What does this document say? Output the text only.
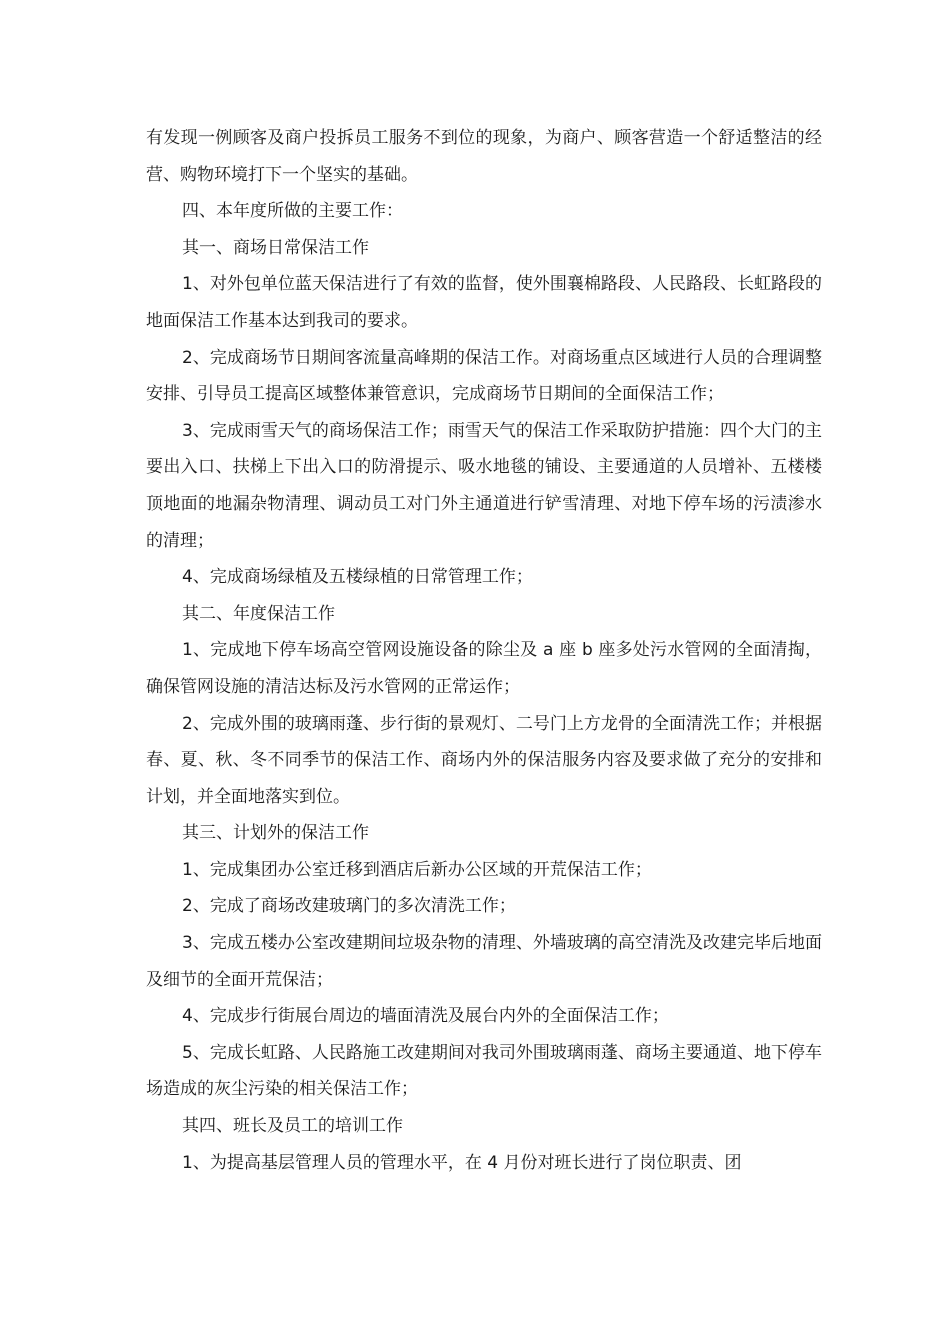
有发现一例顾客及商户投拆员工服务不到位的现象，为商户、顾客营造一个舒适整洁的经营、购物环境打下一个坚实的基础。

四、本年度所做的主要工作：

其一、商场日常保洁工作

1、对外包单位蓝天保洁进行了有效的监督，使外围襄棉路段、人民路段、长虹路段的地面保洁工作基本达到我司的要求。

2、完成商场节日期间客流量高峰期的保洁工作。对商场重点区域进行人员的合理调整安排、引导员工提高区域整体兼管意识，完成商场节日期间的全面保洁工作；

3、完成雨雪天气的商场保洁工作；雨雪天气的保洁工作采取防护措施：四个大门的主要出入口、扶梯上下出入口的防滑提示、吸水地毯的铺设、主要通道的人员增补、五楼楼顶地面的地漏杂物清理、调动员工对门外主通道进行铲雪清理、对地下停车场的污渍渗水的清理；

4、完成商场绿植及五楼绿植的日常管理工作；

其二、年度保洁工作

1、完成地下停车场高空管网设施设备的除尘及 a 座 b 座多处污水管网的全面清掏，确保管网设施的清洁达标及污水管网的正常运作；

2、完成外围的玻璃雨蓬、步行街的景观灯、二号门上方龙骨的全面清洗工作；并根据春、夏、秋、冬不同季节的保洁工作、商场内外的保洁服务内容及要求做了充分的安排和计划，并全面地落实到位。

其三、计划外的保洁工作

1、完成集团办公室迁移到酒店后新办公区域的开荒保洁工作；

2、完成了商场改建玻璃门的多次清洗工作；

3、完成五楼办公室改建期间垃圾杂物的清理、外墙玻璃的高空清洗及改建完毕后地面及细节的全面开荒保洁；

4、完成步行街展台周边的墙面清洗及展台内外的全面保洁工作；

5、完成长虹路、人民路施工改建期间对我司外围玻璃雨蓬、商场主要通道、地下停车场造成的灰尘污染的相关保洁工作；

其四、班长及员工的培训工作

1、为提高基层管理人员的管理水平，在 4 月份对班长进行了岗位职责、团
